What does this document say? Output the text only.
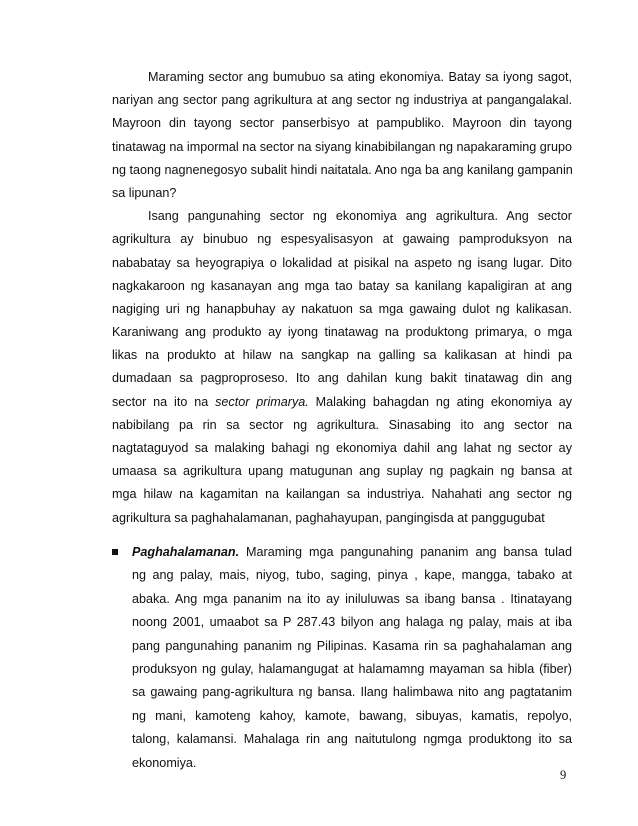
Maraming sector ang bumubuo sa ating ekonomiya. Batay sa iyong sagot,
nariyan ang sector pang agrikultura at ang sector ng industriya at pangangalakal.
Mayroon din tayong sector panserbisyo at pampubliko. Mayroon din tayong
tinatawag na impormal na sector na siyang kinabibilangan ng napakaraming grupo
ng taong nagnenegosyo subalit hindi naitatala. Ano nga ba ang kanilang gampanin
sa lipunan?
Isang pangunahing sector ng ekonomiya ang agrikultura. Ang sector
agrikultura ay binubuo ng espesyalisasyon at gawaing pamproduksyon na
nababatay sa heyograpiya o lokalidad at pisikal na aspeto ng isang lugar. Dito
nagkakaroon ng kasanayan ang mga tao batay sa kanilang kapaligiran at ang
nagiging uri ng hanapbuhay ay nakatuon sa mga gawaing dulot ng kalikasan.
Karaniwang ang produkto ay iyong tinatawag na produktong primarya, o mga
likas na produkto at hilaw na sangkap na galling sa kalikasan at hindi pa
dumadaan sa pagproproseso. Ito ang dahilan kung bakit tinatawag din ang
sector na ito na sector primarya. Malaking bahagdan ng ating ekonomiya ay
nabibilang pa rin sa sector ng agrikultura. Sinasabing ito ang sector na
nagtataguyod sa malaking bahagi ng ekonomiya dahil ang lahat ng sector ay
umaasa sa agrikultura upang matugunan ang suplay ng pagkain ng bansa at
mga hilaw na kagamitan na kailangan sa industriya. Nahahati ang sector ng
agrikultura sa paghahalamanan, paghahayupan, pangingisda at panggugubat
Paghahalamanan. Maraming mga pangunahing pananim ang bansa tulad
ng ang palay, mais, niyog, tubo, saging, pinya , kape, mangga, tabako at
abaka. Ang mga pananim na ito ay iniluluwas sa ibang bansa . Itinatayang
noong 2001, umaabot sa P 287.43 bilyon ang halaga ng palay, mais at iba
pang pangunahing pananim ng Pilipinas. Kasama rin sa paghahalaman ang
produksyon ng gulay, halamangugat at halamamng mayaman sa hibla (fiber)
sa gawaing pang-agrikultura ng bansa. Ilang halimbawa nito ang pagtatanim
ng mani, kamoteng kahoy, kamote, bawang, sibuyas, kamatis, repolyo,
talong, kalamansi. Mahalaga rin ang naitutulong ngmga produktong ito sa
ekonomiya.
9
